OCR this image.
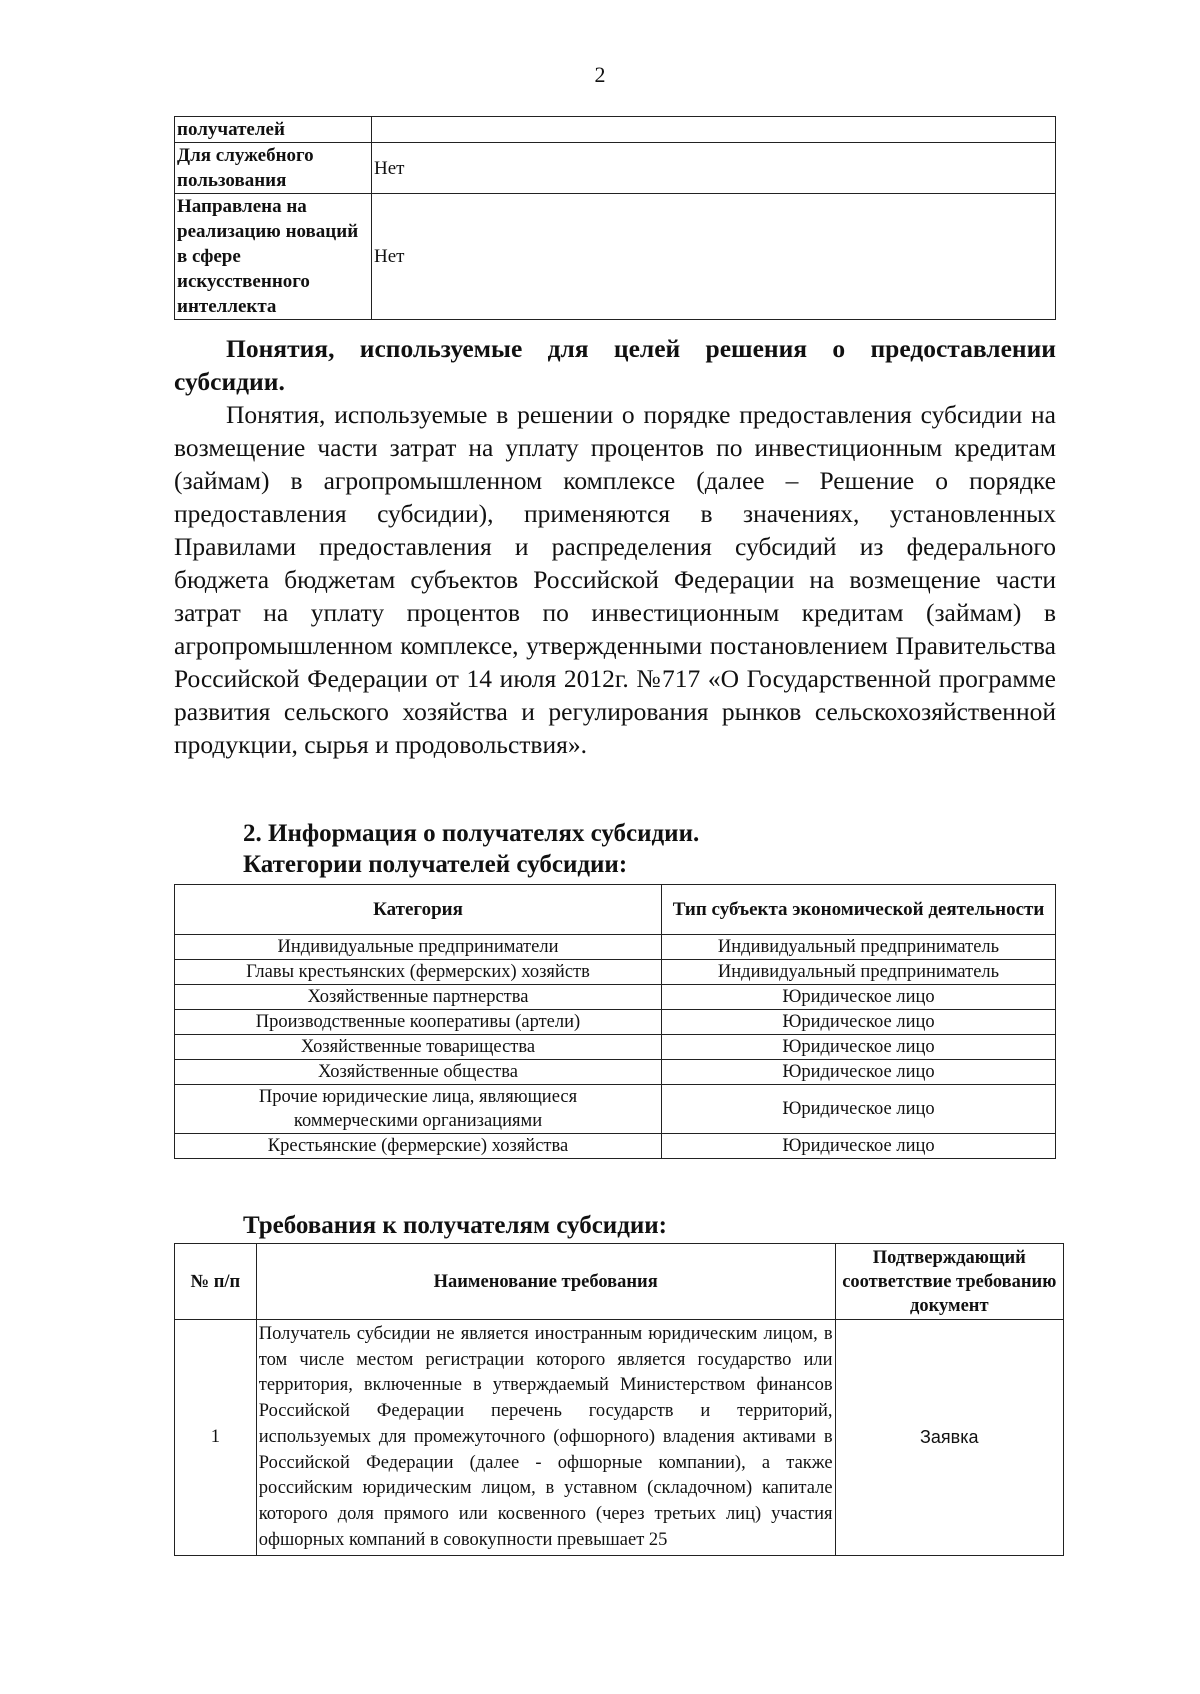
2
получателей	
Для служебного пользования	Нет
Направлена на реализацию новаций в сфере искусственного интеллекта	Нет

Понятия, используемые для целей решения о предоставлении субсидии.

Понятия, используемые в решении о порядке предоставления субсидии на возмещение части затрат на уплату процентов по инвестиционным кредитам (займам) в агропромышленном комплексе (далее – Решение о порядке предоставления субсидии), применяются в значениях, установленных Правилами предоставления и распределения субсидий из федерального бюджета бюджетам субъектов Российской Федерации на возмещение части затрат на уплату процентов по инвестиционным кредитам (займам) в агропромышленном комплексе, утвержденными постановлением Правительства Российской Федерации от 14 июля 2012г. №717 «О Государственной программе развития сельского хозяйства и регулирования рынков сельскохозяйственной продукции, сырья и продовольствия».

2. Информация о получателях субсидии.
Категории получателей субсидии:
Категория	Тип субъекта экономической деятельности
Индивидуальные предприниматели	Индивидуальный предприниматель
Главы крестьянских (фермерских) хозяйств	Индивидуальный предприниматель
Хозяйственные партнерства	Юридическое лицо
Производственные кооперативы (артели)	Юридическое лицо
Хозяйственные товарищества	Юридическое лицо
Хозяйственные общества	Юридическое лицо
Прочие юридические лица, являющиеся коммерческими организациями	Юридическое лицо
Крестьянские (фермерские) хозяйства	Юридическое лицо
Требования к получателям субсидии:
№ п/п	Наименование требования	Подтверждающий соответствие требованию документ
1	Получатель субсидии не является иностранным юридическим лицом, в том числе местом регистрации которого является государство или территория, включенные в утверждаемый Министерством финансов Российской Федерации перечень государств и территорий, используемых для промежуточного (офшорного) владения активами в Российской Федерации (далее - офшорные компании), а также российским юридическим лицом, в уставном (складочном) капитале которого доля прямого или косвенного (через третьих лиц) участия офшорных компаний в совокупности превышает 25	Заявка
